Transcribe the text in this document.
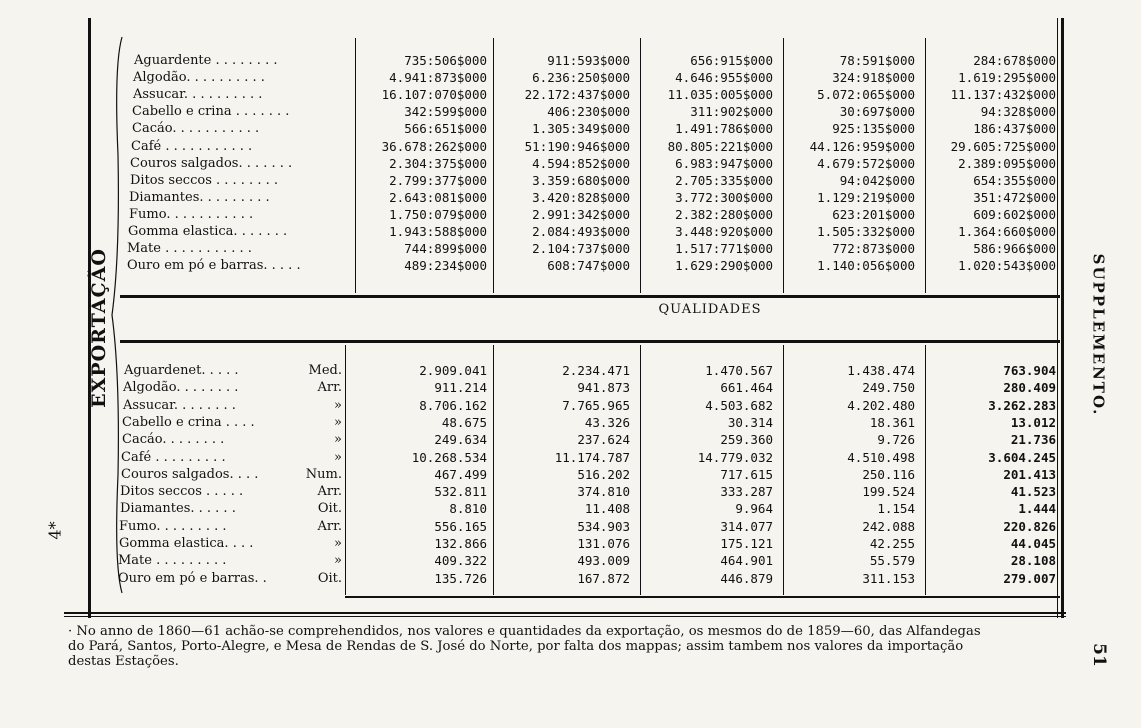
EXPORTAÇÃO
Aguardente . . . . . . . .	735:506$000	911:593$000	656:915$000	78:591$000	284:678$000
Algodão. . . . . . . . . .	4.941:873$000	6.236:250$000	4.646:955$000	324:918$000	1.619:295$000
Assucar. . . . . . . . . .	16.107:070$000	22.172:437$000	11.035:005$000	5.072:065$000	11.137:432$000
Cabello e crina . . . . . . .	342:599$000	406:230$000	311:902$000	30:697$000	94:328$000
Cacáo. . . . . . . . . . .	566:651$000	1.305:349$000	1.491:786$000	925:135$000	186:437$000
Café . . . . . . . . . . .	36.678:262$000	51:190:946$000	80.805:221$000	44.126:959$000	29.605:725$000
Couros salgados. . . . . . .	2.304:375$000	4.594:852$000	6.983:947$000	4.679:572$000	2.389:095$000
Ditos seccos . . . . . . . .	2.799:377$000	3.359:680$000	2.705:335$000	94:042$000	654:355$000
Diamantes. . . . . . . . .	2.643:081$000	3.420:828$000	3.772:300$000	1.129:219$000	351:472$000
Fumo. . . . . . . . . . .	1.750:079$000	2.991:342$000	2.382:280$000	623:201$000	609:602$000
Gomma elastica. . . . . . .	1.943:588$000	2.084:493$000	3.448:920$000	1.505:332$000	1.364:660$000
Mate . . . . . . . . . . .	744:899$000	2.104:737$000	1.517:771$000	772:873$000	586:966$000
Ouro em pó e barras. . . . .	489:234$000	608:747$000	1.629:290$000	1.140:056$000	1.020:543$000
QUALIDADES
Aguardenet. . . . .	Med.	2.909.041	2.234.471	1.470.567	1.438.474	763.904
Algodão. . . . . . . .	Arr.	911.214	941.873	661.464	249.750	280.409
Assucar. . . . . . . .	»	8.706.162	7.765.965	4.503.682	4.202.480	3.262.283
Cabello e crina . . . .	»	48.675	43.326	30.314	18.361	13.012
Cacáo. . . . . . . .	»	249.634	237.624	259.360	9.726	21.736
Café . . . . . . . . .	»	10.268.534	11.174.787	14.779.032	4.510.498	3.604.245
Couros salgados. . . .	Num.	467.499	516.202	717.615	250.116	201.413
Ditos seccos . . . . .	Arr.	532.811	374.810	333.287	199.524	41.523
Diamantes. . . . . .	Oit.	8.810	11.408	9.964	1.154	1.444
Fumo. . . . . . . . .	Arr.	556.165	534.903	314.077	242.088	220.826
Gomma elastica. . . .	»	132.866	131.076	175.121	42.255	44.045
Mate . . . . . . . . .	»	409.322	493.009	464.901	55.579	28.108
Ouro em pó e barras. .	Oit.	135.726	167.872	446.879	311.153	279.007
SUPPLEMENTO.
51
4*

· No anno de 1860—61 achão-se comprehendidos, nos valores e quantidades da exportação, os mesmos do de 1859—60, das Alfandegas

do Pará, Santos, Porto-Alegre, e Mesa de Rendas de S. José do Norte, por falta dos mappas; assim tambem nos valores da importação

destas Estações.
